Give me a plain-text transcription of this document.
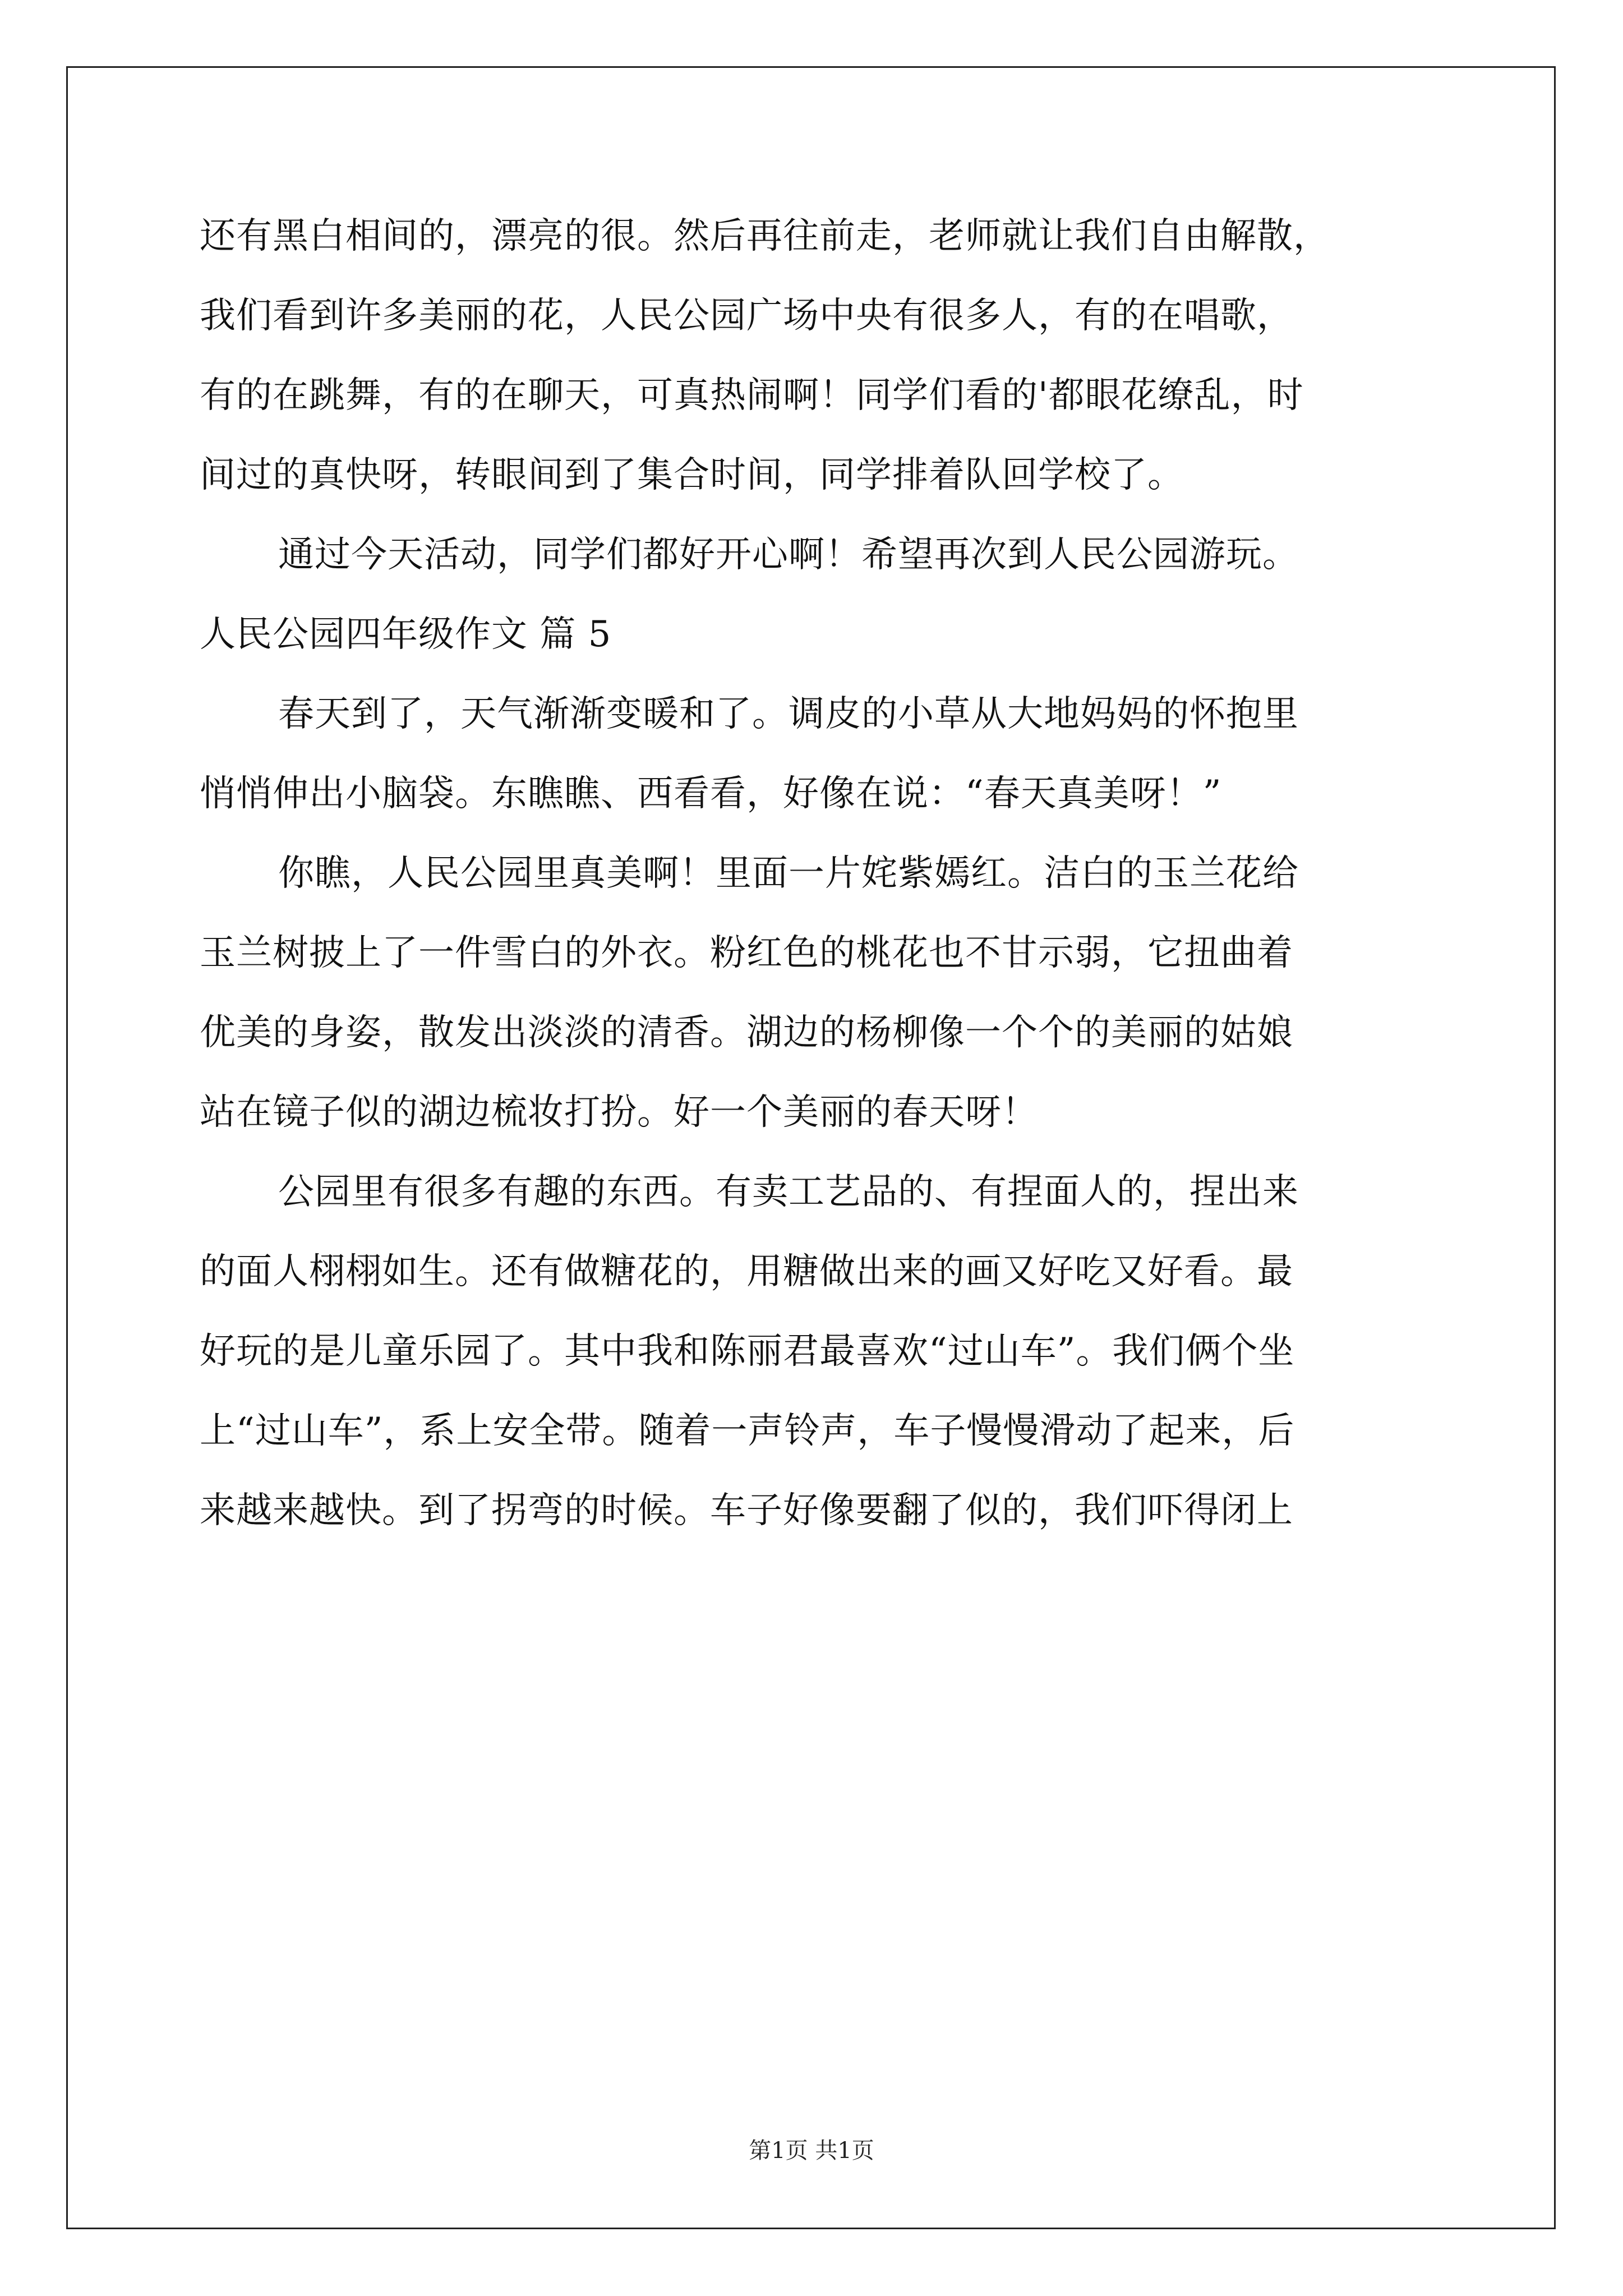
还有黑白相间的，漂亮的很。然后再往前走，老师就让我们自由解散，
我们看到许多美丽的花，人民公园广场中央有很多人，有的在唱歌，
有的在跳舞，有的在聊天，可真热闹啊！同学们看的'都眼花缭乱，时
间过的真快呀，转眼间到了集合时间，同学排着队回学校了。
通过今天活动，同学们都好开心啊！希望再次到人民公园游玩。
人民公园四年级作文 篇 5
春天到了，天气渐渐变暖和了。调皮的小草从大地妈妈的怀抱里
悄悄伸出小脑袋。东瞧瞧、西看看，好像在说：“春天真美呀！”
你瞧，人民公园里真美啊！里面一片姹紫嫣红。洁白的玉兰花给
玉兰树披上了一件雪白的外衣。粉红色的桃花也不甘示弱，它扭曲着
优美的身姿，散发出淡淡的清香。湖边的杨柳像一个个的美丽的姑娘
站在镜子似的湖边梳妆打扮。好一个美丽的春天呀！
公园里有很多有趣的东西。有卖工艺品的、有捏面人的，捏出来
的面人栩栩如生。还有做糖花的，用糖做出来的画又好吃又好看。最
好玩的是儿童乐园了。其中我和陈丽君最喜欢“过山车”。我们俩个坐
上“过山车”，系上安全带。随着一声铃声，车子慢慢滑动了起来，后
来越来越快。到了拐弯的时候。车子好像要翻了似的，我们吓得闭上
第1页 共1页
